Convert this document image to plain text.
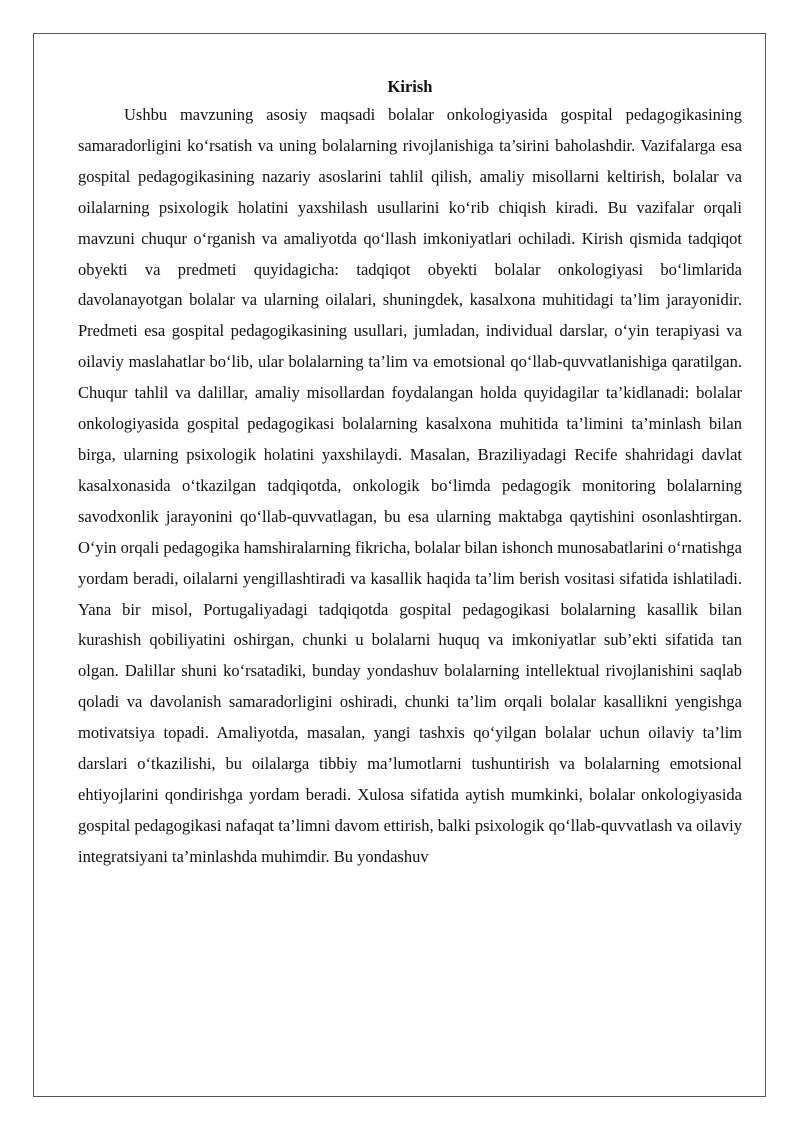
Kirish

Ushbu mavzuning asosiy maqsadi bolalar onkologiyasida gospital pedagogikasining samaradorligini ko‘rsatish va uning bolalarning rivojlanishiga ta’sirini baholashdir. Vazifalarga esa gospital pedagogikasining nazariy asoslarini tahlil qilish, amaliy misollarni keltirish, bolalar va oilalarning psixologik holatini yaxshilash usullarini ko‘rib chiqish kiradi. Bu vazifalar orqali mavzuni chuqur o‘rganish va amaliyotda qo‘llash imkoniyatlari ochiladi. Kirish qismida tadqiqot obyekti va predmeti quyidagicha: tadqiqot obyekti bolalar onkologiyasi bo‘limlarida davolanayotgan bolalar va ularning oilalari, shuningdek, kasalxona muhitidagi ta’lim jarayonidir. Predmeti esa gospital pedagogikasining usullari, jumladan, individual darslar, o‘yin terapiyasi va oilaviy maslahatlar bo‘lib, ular bolalarning ta’lim va emotsional qo‘llab-quvvatlanishiga qaratilgan. Chuqur tahlil va dalillar, amaliy misollardan foydalangan holda quyidagilar ta’kidlanadi: bolalar onkologiyasida gospital pedagogikasi bolalarning kasalxona muhitida ta’limini ta’minlash bilan birga, ularning psixologik holatini yaxshilaydi. Masalan, Braziliyadagi Recife shahridagi davlat kasalxonasida o‘tkazilgan tadqiqotda, onkologik bo‘limda pedagogik monitoring bolalarning savodxonlik jarayonini qo‘llab-quvvatlagan, bu esa ularning maktabga qaytishini osonlashtirgan. O‘yin orqali pedagogika hamshiralarning fikricha, bolalar bilan ishonch munosabatlarini o‘rnatishga yordam beradi, oilalarni yengillashtiradi va kasallik haqida ta’lim berish vositasi sifatida ishlatiladi. Yana bir misol, Portugaliyadagi tadqiqotda gospital pedagogikasi bolalarning kasallik bilan kurashish qobiliyatini oshirgan, chunki u bolalarni huquq va imkoniyatlar sub’ekti sifatida tan olgan. Dalillar shuni ko‘rsatadiki, bunday yondashuv bolalarning intellektual rivojlanishini saqlab qoladi va davolanish samaradorligini oshiradi, chunki ta’lim orqali bolalar kasallikni yengishga motivatsiya topadi. Amaliyotda, masalan, yangi tashxis qo‘yilgan bolalar uchun oilaviy ta’lim darslari o‘tkazilishi, bu oilalarga tibbiy ma’lumotlarni tushuntirish va bolalarning emotsional ehtiyojlarini qondirishga yordam beradi. Xulosa sifatida aytish mumkinki, bolalar onkologiyasida gospital pedagogikasi nafaqat ta’limni davom ettirish, balki psixologik qo‘llab-quvvatlash va oilaviy integratsiyani ta’minlashda muhimdir. Bu yondashuv
